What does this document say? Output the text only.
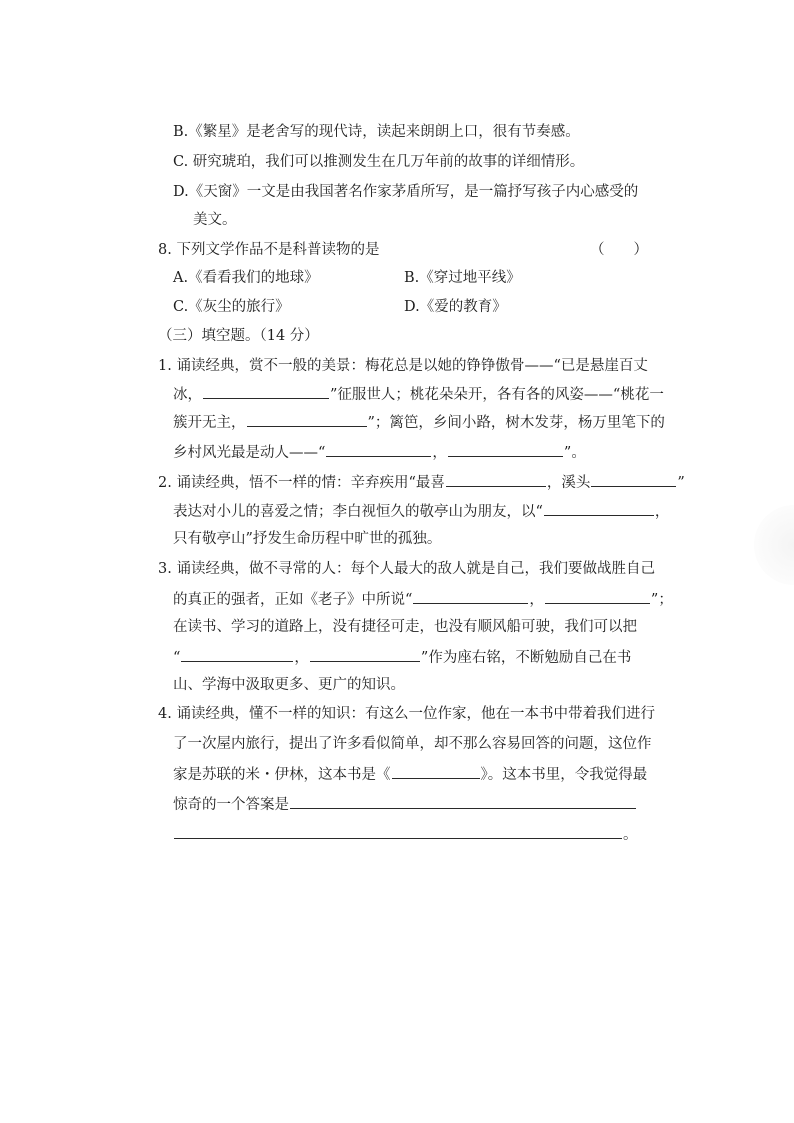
B.《繁星》是老舍写的现代诗，读起来朗朗上口，很有节奏感。
C. 研究琥珀，我们可以推测发生在几万年前的故事的详细情形。
D.《天窗》一文是由我国著名作家茅盾所写，是一篇抒写孩子内心感受的
美文。
8. 下列文学作品不是科普读物的是	（　　）
A.《看看我们的地球》	B.《穿过地平线》
C.《灰尘的旅行》	D.《爱的教育》
（三）填空题。（14 分）
1. 诵读经典，赏不一般的美景：梅花总是以她的铮铮傲骨——“已是悬崖百丈
冰，	”征服世人；桃花朵朵开，各有各的风姿——“桃花一
簇开无主，	”；篱笆，乡间小路，树木发芽，杨万里笔下的
乡村风光最是动人——“	，	”。
2. 诵读经典，悟不一样的情：辛弃疾用“最喜	，溪头	”
表达对小儿的喜爱之情；李白视恒久的敬亭山为朋友，以“	，
只有敬亭山”抒发生命历程中旷世的孤独。
3. 诵读经典，做不寻常的人：每个人最大的敌人就是自己，我们要做战胜自己
的真正的强者，正如《老子》中所说“	，	”；
在读书、学习的道路上，没有捷径可走，也没有顺风船可驶，我们可以把
“	，	”作为座右铭，不断勉励自己在书
山、学海中汲取更多、更广的知识。
4. 诵读经典，懂不一样的知识：有这么一位作家，他在一本书中带着我们进行
了一次屋内旅行，提出了许多看似简单，却不那么容易回答的问题，这位作
家是苏联的米・伊林，这本书是《	》。这本书里，令我觉得最
惊奇的一个答案是
。
